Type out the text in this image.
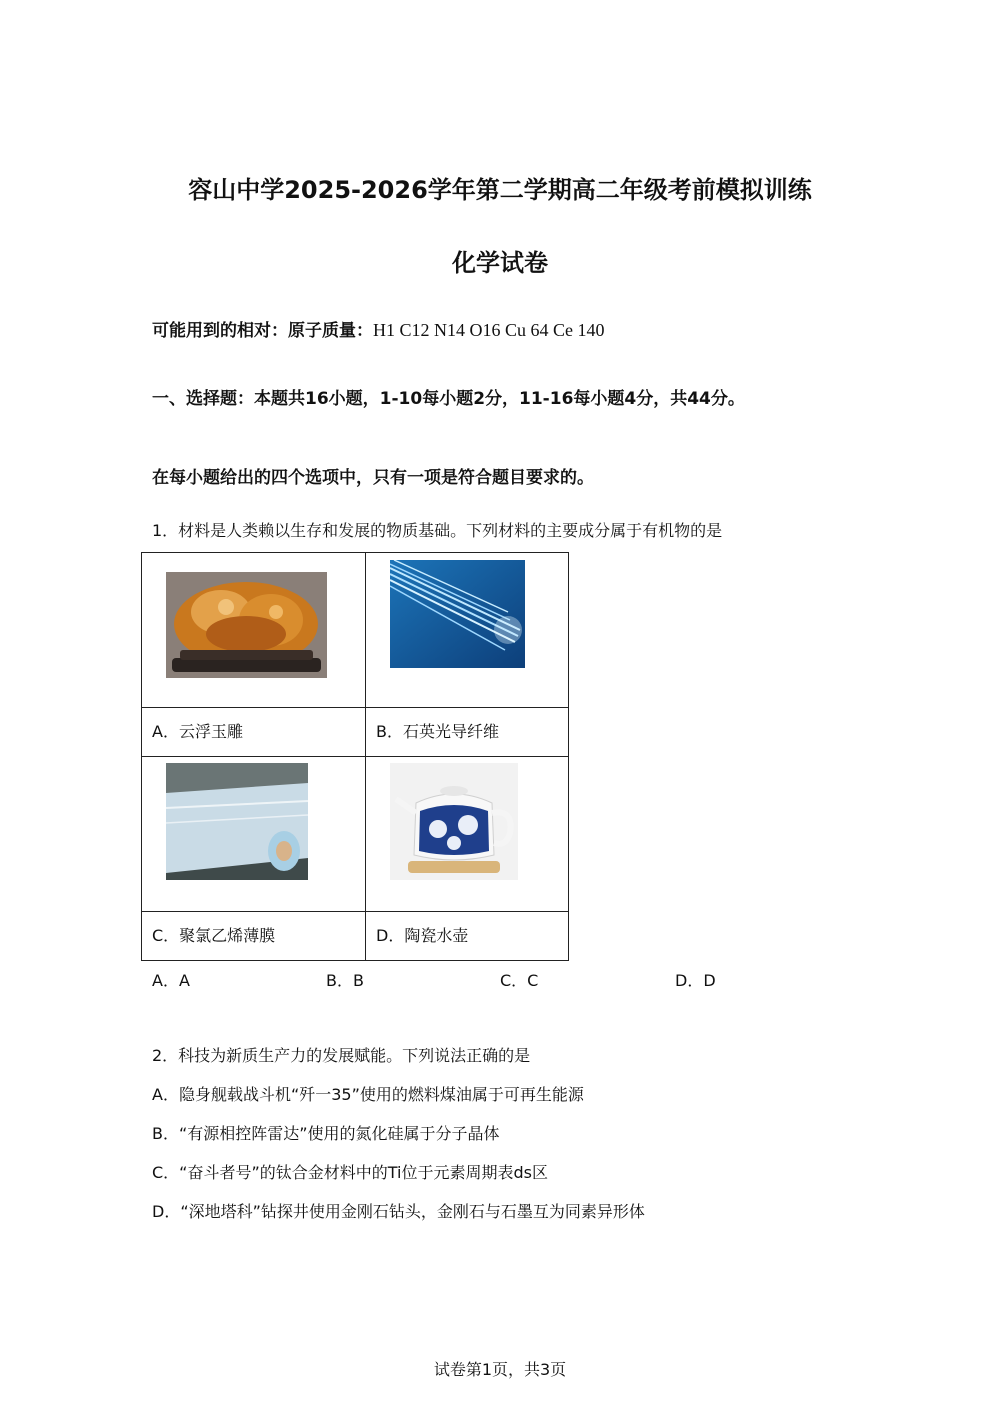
容山中学2025-2026学年第二学期高二年级考前模拟训练
化学试卷
可能用到的相对：原子质量：H1 C12 N14 O16 Cu 64 Ce 140
一、选择题：本题共16小题，1-10每小题2分，11-16每小题4分，共44分。
在每小题给出的四个选项中，只有一项是符合题目要求的。
1．材料是人类赖以生存和发展的物质基础。下列材料的主要成分属于有机物的是

A．云浮玉雕	B．石英光导纤维

C．聚氯乙烯薄膜	D．陶瓷水壶
A．A	B．B	C．C	D．D
2．科技为新质生产力的发展赋能。下列说法正确的是
A．隐身舰载战斗机“歼一35”使用的燃料煤油属于可再生能源
B．“有源相控阵雷达”使用的氮化硅属于分子晶体
C．“奋斗者号”的钛合金材料中的Ti位于元素周期表ds区
D．“深地塔科”钻探井使用金刚石钻头，金刚石与石墨互为同素异形体
试卷第1页，共3页
